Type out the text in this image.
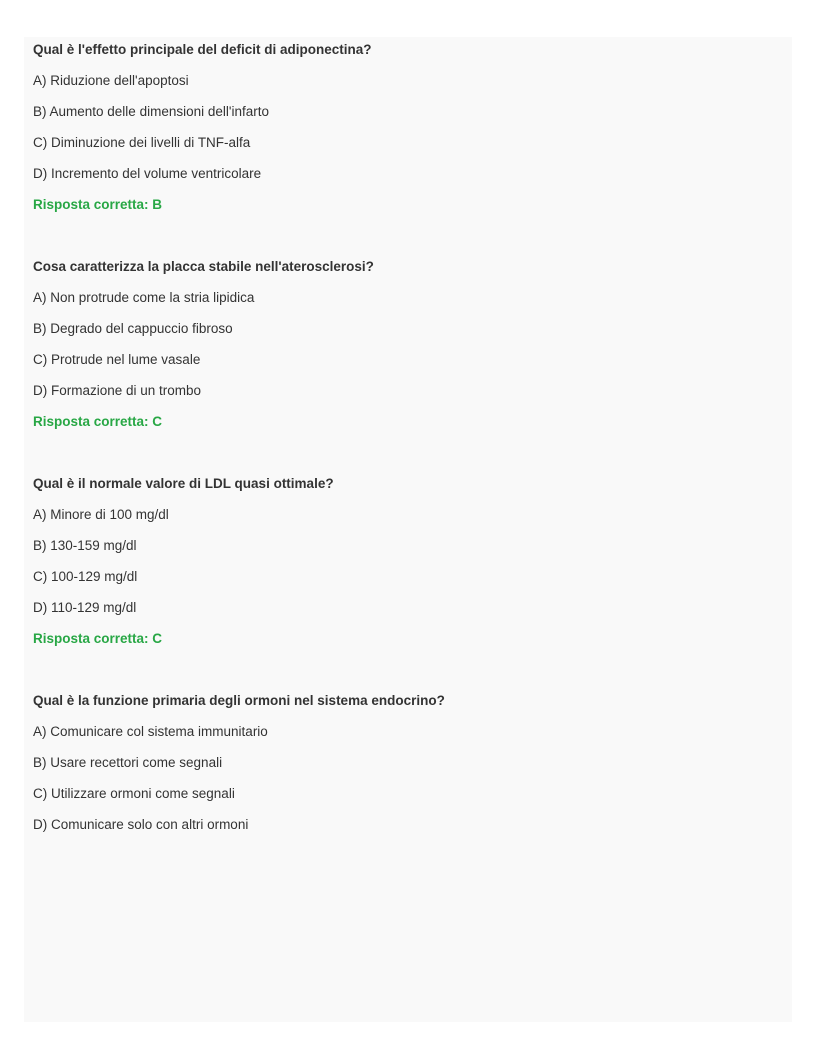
Qual è l'effetto principale del deficit di adiponectina?
A) Riduzione dell'apoptosi
B) Aumento delle dimensioni dell'infarto
C) Diminuzione dei livelli di TNF-alfa
D) Incremento del volume ventricolare
Risposta corretta: B
Cosa caratterizza la placca stabile nell'aterosclerosi?
A) Non protrude come la stria lipidica
B) Degrado del cappuccio fibroso
C) Protrude nel lume vasale
D) Formazione di un trombo
Risposta corretta: C
Qual è il normale valore di LDL quasi ottimale?
A) Minore di 100 mg/dl
B) 130-159 mg/dl
C) 100-129 mg/dl
D) 110-129 mg/dl
Risposta corretta: C
Qual è la funzione primaria degli ormoni nel sistema endocrino?
A) Comunicare col sistema immunitario
B) Usare recettori come segnali
C) Utilizzare ormoni come segnali
D) Comunicare solo con altri ormoni
